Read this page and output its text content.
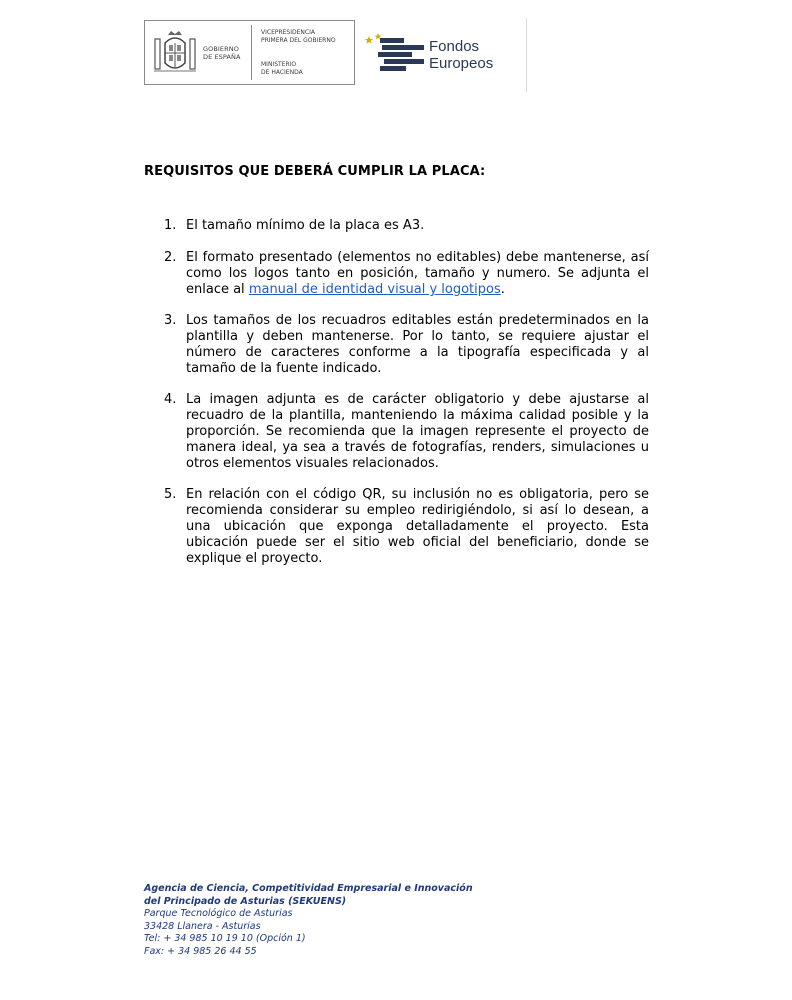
GOBIERNO
DE ESPAÑA
VICEPRESIDENCIA
PRIMERA DEL GOBIERNO
MINISTERIO
DE HACIENDA
Fondos
Europeos
REQUISITOS QUE DEBERÁ CUMPLIR LA PLACA:
1. El tamaño mínimo de la placa es A3.
2. El formato presentado (elementos no editables) debe mantenerse, así como los logos tanto en posición, tamaño y numero. Se adjunta el enlace al manual de identidad visual y logotipos.
3. Los tamaños de los recuadros editables están predeterminados en la plantilla y deben mantenerse. Por lo tanto, se requiere ajustar el número de caracteres conforme a la tipografía especificada y al tamaño de la fuente indicado.
4. La imagen adjunta es de carácter obligatorio y debe ajustarse al recuadro de la plantilla, manteniendo la máxima calidad posible y la proporción. Se recomienda que la imagen represente el proyecto de manera ideal, ya sea a través de fotografías, renders, simulaciones u otros elementos visuales relacionados.
5. En relación con el código QR, su inclusión no es obligatoria, pero se recomienda considerar su empleo redirigiéndolo, si así lo desean, a una ubicación que exponga detalladamente el proyecto. Esta ubicación puede ser el sitio web oficial del beneficiario, donde se explique el proyecto.
Agencia de Ciencia, Competitividad Empresarial e Innovación
del Principado de Asturias (SEKUENS)
Parque Tecnológico de Asturias
33428 Llanera - Asturias
Tel: + 34 985 10 19 10 (Opción 1)
Fax: + 34 985 26 44 55
